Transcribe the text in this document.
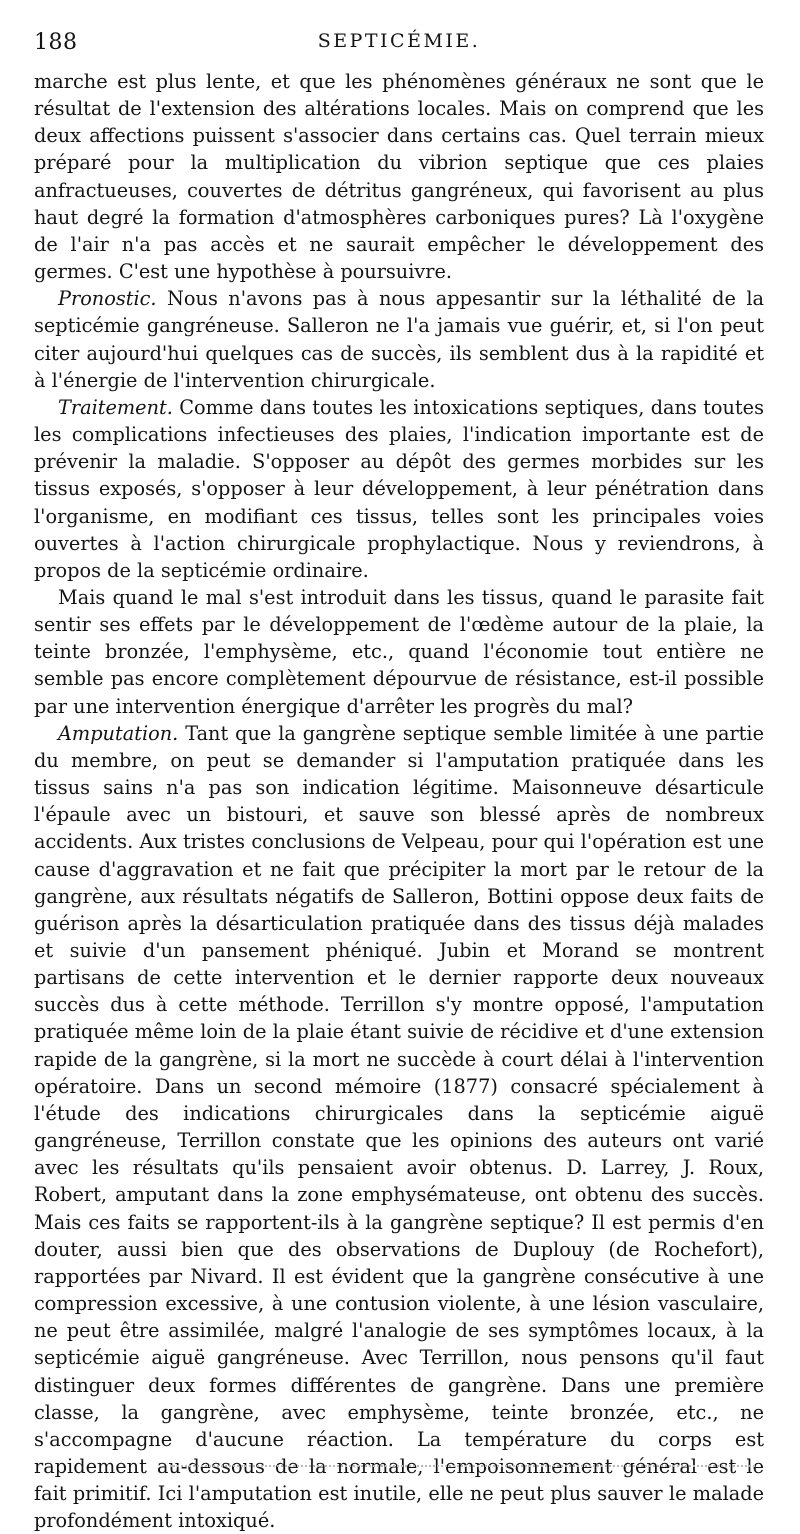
188	SEPTICÉMIE.

marche est plus lente, et que les phénomènes généraux ne sont que le résultat de l'extension des altérations locales. Mais on comprend que les deux affections puissent s'associer dans certains cas. Quel terrain mieux préparé pour la multiplication du vibrion septique que ces plaies anfractueuses, couvertes de détritus gangréneux, qui favorisent au plus haut degré la formation d'atmosphères carboniques pures? Là l'oxygène de l'air n'a pas accès et ne saurait empêcher le développement des germes. C'est une hypothèse à poursuivre.

Pronostic. Nous n'avons pas à nous appesantir sur la léthalité de la septicémie gangréneuse. Salleron ne l'a jamais vue guérir, et, si l'on peut citer aujourd'hui quelques cas de succès, ils semblent dus à la rapidité et à l'énergie de l'intervention chirurgicale.

Traitement. Comme dans toutes les intoxications septiques, dans toutes les complications infectieuses des plaies, l'indication importante est de prévenir la maladie. S'opposer au dépôt des germes morbides sur les tissus exposés, s'opposer à leur développement, à leur pénétration dans l'organisme, en modifiant ces tissus, telles sont les principales voies ouvertes à l'action chirurgicale prophylactique. Nous y reviendrons, à propos de la septicémie ordinaire.

Mais quand le mal s'est introduit dans les tissus, quand le parasite fait sentir ses effets par le développement de l'œdème autour de la plaie, la teinte bronzée, l'emphysème, etc., quand l'économie tout entière ne semble pas encore complètement dépourvue de résistance, est-il possible par une intervention énergique d'arrêter les progrès du mal?

Amputation. Tant que la gangrène septique semble limitée à une partie du membre, on peut se demander si l'amputation pratiquée dans les tissus sains n'a pas son indication légitime. Maisonneuve désarticule l'épaule avec un bistouri, et sauve son blessé après de nombreux accidents. Aux tristes conclusions de Velpeau, pour qui l'opération est une cause d'aggravation et ne fait que précipiter la mort par le retour de la gangrène, aux résultats négatifs de Salleron, Bottini oppose deux faits de guérison après la désarticulation pratiquée dans des tissus déjà malades et suivie d'un pansement phéniqué. Jubin et Morand se montrent partisans de cette intervention et le dernier rapporte deux nouveaux succès dus à cette méthode. Terrillon s'y montre opposé, l'amputation pratiquée même loin de la plaie étant suivie de récidive et d'une extension rapide de la gangrène, si la mort ne succède à court délai à l'intervention opératoire. Dans un second mémoire (1877) consacré spécialement à l'étude des indications chirurgicales dans la septicémie aiguë gangréneuse, Terrillon constate que les opinions des auteurs ont varié avec les résultats qu'ils pensaient avoir obtenus. D. Larrey, J. Roux, Robert, amputant dans la zone emphysémateuse, ont obtenu des succès. Mais ces faits se rapportent-ils à la gangrène septique? Il est permis d'en douter, aussi bien que des observations de Duplouy (de Rochefort), rapportées par Nivard. Il est évident que la gangrène consécutive à une compression excessive, à une contusion violente, à une lésion vasculaire, ne peut être assimilée, malgré l'analogie de ses symptômes locaux, à la septicémie aiguë gangréneuse. Avec Terrillon, nous pensons qu'il faut distinguer deux formes différentes de gangrène. Dans une première classe, la gangrène, avec emphysème, teinte bronzée, etc., ne s'accompagne d'aucune réaction. La température du corps est rapidement au-dessous de la normale, l'empoisonnement général est le fait primitif. Ici l'amputation est inutile, elle ne peut plus sauver le malade profondément intoxiqué.
